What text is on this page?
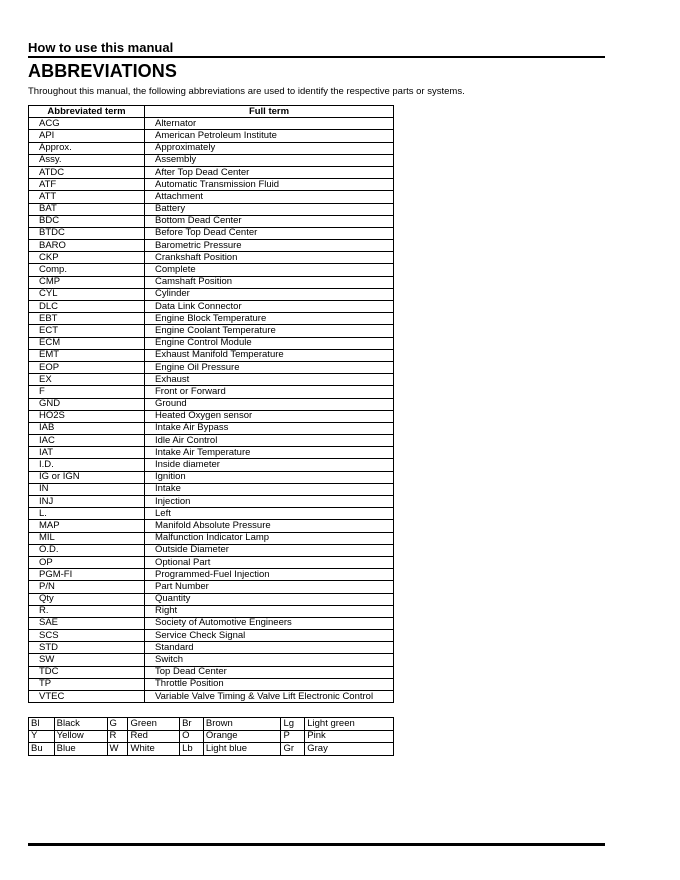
How to use this manual
ABBREVIATIONS
Throughout this manual, the following abbreviations are used to identify the respective parts or systems.
Abbreviated term	Full term
ACG	Alternator
API	American Petroleum Institute
Approx.	Approximately
Assy.	Assembly
ATDC	After Top Dead Center
ATF	Automatic Transmission Fluid
ATT	Attachment
BAT	Battery
BDC	Bottom Dead Center
BTDC	Before Top Dead Center
BARO	Barometric Pressure
CKP	Crankshaft Position
Comp.	Complete
CMP	Camshaft Position
CYL	Cylinder
DLC	Data Link Connector
EBT	Engine Block Temperature
ECT	Engine Coolant Temperature
ECM	Engine Control Module
EMT	Exhaust Manifold Temperature
EOP	Engine Oil Pressure
EX	Exhaust
F	Front or Forward
GND	Ground
HO2S	Heated Oxygen sensor
IAB	Intake Air Bypass
IAC	Idle Air Control
IAT	Intake Air Temperature
I.D.	Inside diameter
IG or IGN	Ignition
IN	Intake
INJ	Injection
L.	Left
MAP	Manifold Absolute Pressure
MIL	Malfunction Indicator Lamp
O.D.	Outside Diameter
OP	Optional Part
PGM-FI	Programmed-Fuel Injection
P/N	Part Number
Qty	Quantity
R.	Right
SAE	Society of Automotive Engineers
SCS	Service Check Signal
STD	Standard
SW	Switch
TDC	Top Dead Center
TP	Throttle Position
VTEC	Variable Valve Timing & Valve Lift Electronic Control
Bl	Black	G	Green	Br	Brown	Lg	Light green
Y	Yellow	R	Red	O	Orange	P	Pink
Bu	Blue	W	White	Lb	Light blue	Gr	Gray
